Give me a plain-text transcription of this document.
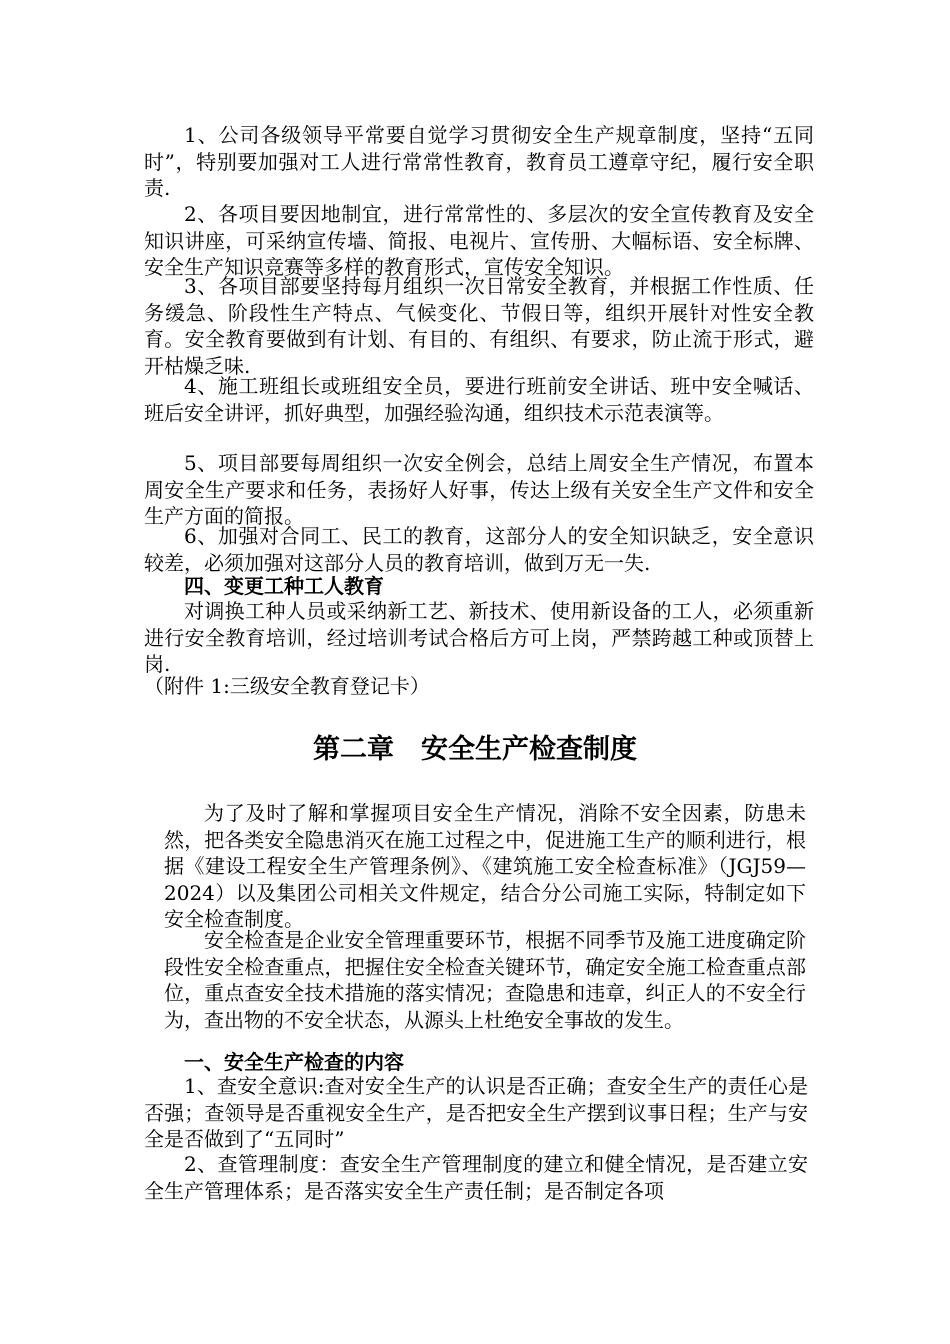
1、公司各级领导平常要自觉学习贯彻安全生产规章制度，坚持“五同时”，特别要加强对工人进行常常性教育，教育员工遵章守纪，履行安全职责.

2、各项目要因地制宜，进行常常性的、多层次的安全宣传教育及安全知识讲座，可采纳宣传墙、简报、电视片、宣传册、大幅标语、安全标牌、安全生产知识竞赛等多样的教育形式，宣传安全知识。

3、各项目部要坚持每月组织一次日常安全教育，并根据工作性质、任务缓急、阶段性生产特点、气候变化、节假日等，组织开展针对性安全教育。安全教育要做到有计划、有目的、有组织、有要求，防止流于形式，避开枯燥乏味.

4、施工班组长或班组安全员，要进行班前安全讲话、班中安全喊话、班后安全讲评，抓好典型，加强经验沟通，组织技术示范表演等。

5、项目部要每周组织一次安全例会，总结上周安全生产情况，布置本周安全生产要求和任务，表扬好人好事，传达上级有关安全生产文件和安全生产方面的简报。

6、加强对合同工、民工的教育，这部分人的安全知识缺乏，安全意识较差，必须加强对这部分人员的教育培训，做到万无一失.

四、变更工种工人教育

对调换工种人员或采纳新工艺、新技术、使用新设备的工人，必须重新进行安全教育培训，经过培训考试合格后方可上岗，严禁跨越工种或顶替上岗.

（附件 1:三级安全教育登记卡）

第二章　安全生产检查制度

为了及时了解和掌握项目安全生产情况，消除不安全因素，防患未然，把各类安全隐患消灭在施工过程之中，促进施工生产的顺利进行，根据《建设工程安全生产管理条例》、《建筑施工安全检查标准》（JGJ59—2024）以及集团公司相关文件规定，结合分公司施工实际，特制定如下安全检查制度。

安全检查是企业安全管理重要环节，根据不同季节及施工进度确定阶段性安全检查重点，把握住安全检查关键环节，确定安全施工检查重点部位，重点查安全技术措施的落实情况；查隐患和违章，纠正人的不安全行为，查出物的不安全状态，从源头上杜绝安全事故的发生。

一、安全生产检查的内容

1、查安全意识:查对安全生产的认识是否正确；查安全生产的责任心是否强；查领导是否重视安全生产，是否把安全生产摆到议事日程；生产与安全是否做到了“五同时”

2、查管理制度：查安全生产管理制度的建立和健全情况，是否建立安全生产管理体系；是否落实安全生产责任制；是否制定各项
